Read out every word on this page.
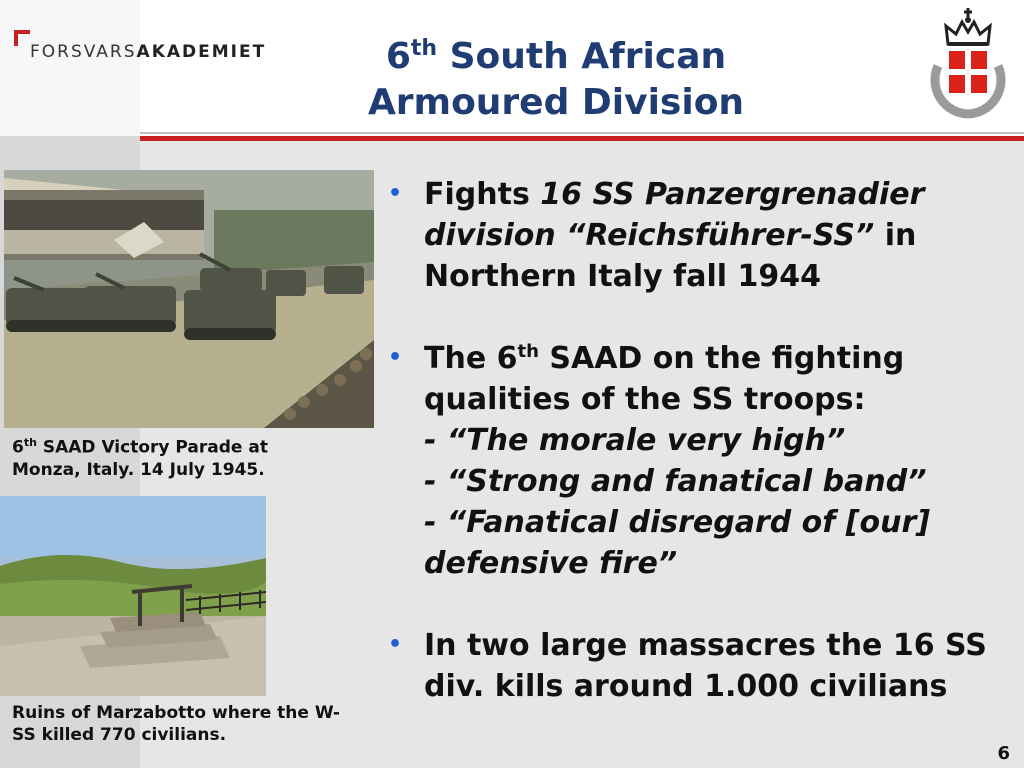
FORSVARSAKADEMIET	6th South African
Armoured Division
6th SAAD Victory Parade at Monza, Italy. 14 July 1945.
Ruins of Marzabotto where the W-SS killed 770 civilians.
• Fights 16 SS Panzergrenadier division “Reichsführer-SS” in Northern Italy fall 1944
• The 6th SAAD on the fighting qualities of the SS troops:
- “The morale very high”
- “Strong and fanatical band”
- “Fanatical disregard of [our] defensive fire”
• In two large massacres the 16 SS div. kills around 1.000 civilians
6
